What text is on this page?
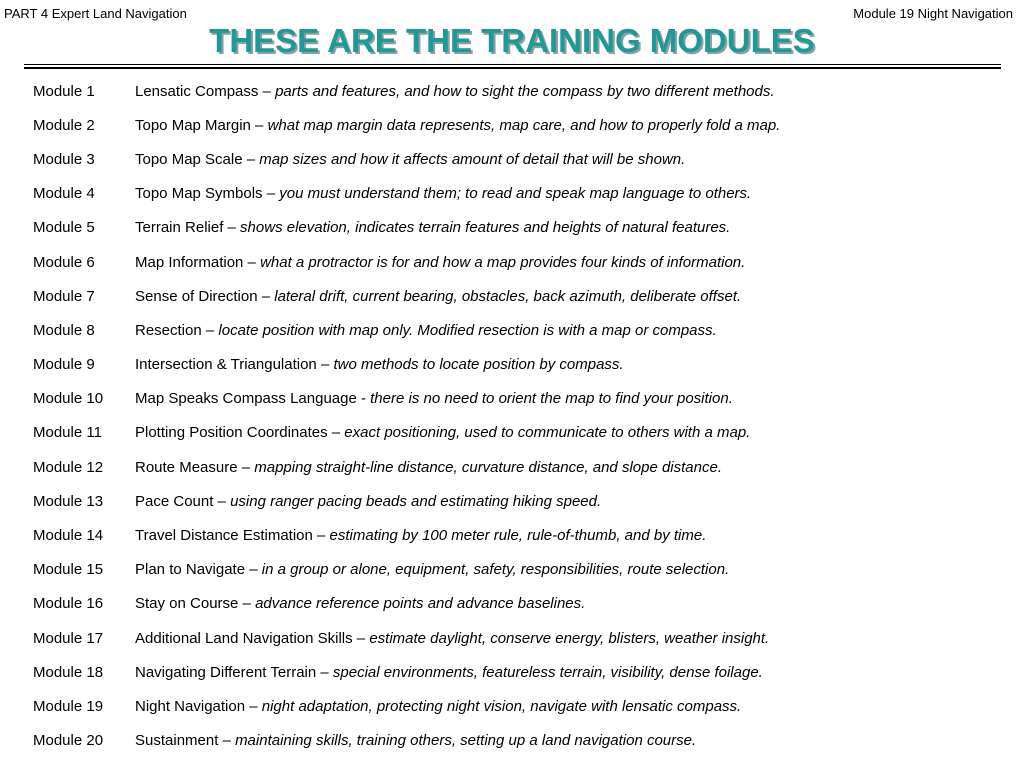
PART 4 Expert Land Navigation	Module 19 Night Navigation
THESE ARE THE TRAINING MODULES
Module 1	Lensatic Compass – parts and features, and how to sight the compass by two different methods.
Module 2	Topo Map Margin – what map margin data represents, map care, and how to properly fold a map.
Module 3	Topo Map Scale – map sizes and how it affects amount of detail that will be shown.
Module 4	Topo Map Symbols – you must understand them; to read and speak map language to others.
Module 5	Terrain Relief – shows elevation, indicates terrain features and heights of natural features.
Module 6	Map Information – what a protractor is for and how a map provides four kinds of information.
Module 7	Sense of Direction – lateral drift, current bearing, obstacles, back azimuth, deliberate offset.
Module 8	Resection – locate position with map only. Modified resection is with a map or compass.
Module 9	Intersection & Triangulation – two methods to locate position by compass.
Module 10	Map Speaks Compass Language - there is no need to orient the map to find your position.
Module 11	Plotting Position Coordinates – exact positioning, used to communicate to others with a map.
Module 12	Route Measure – mapping straight-line distance, curvature distance, and slope distance.
Module 13	Pace Count – using ranger pacing beads and estimating hiking speed.
Module 14	Travel Distance Estimation – estimating by 100 meter rule, rule-of-thumb, and by time.
Module 15	Plan to Navigate – in a group or alone, equipment, safety, responsibilities, route selection.
Module 16	Stay on Course – advance reference points and advance baselines.
Module 17	Additional Land Navigation Skills – estimate daylight, conserve energy, blisters, weather insight.
Module 18	Navigating Different Terrain – special environments, featureless terrain, visibility, dense foilage.
Module 19	Night Navigation – night adaptation, protecting night vision, navigate with lensatic compass.
Module 20	Sustainment – maintaining skills, training others, setting up a land navigation course.
